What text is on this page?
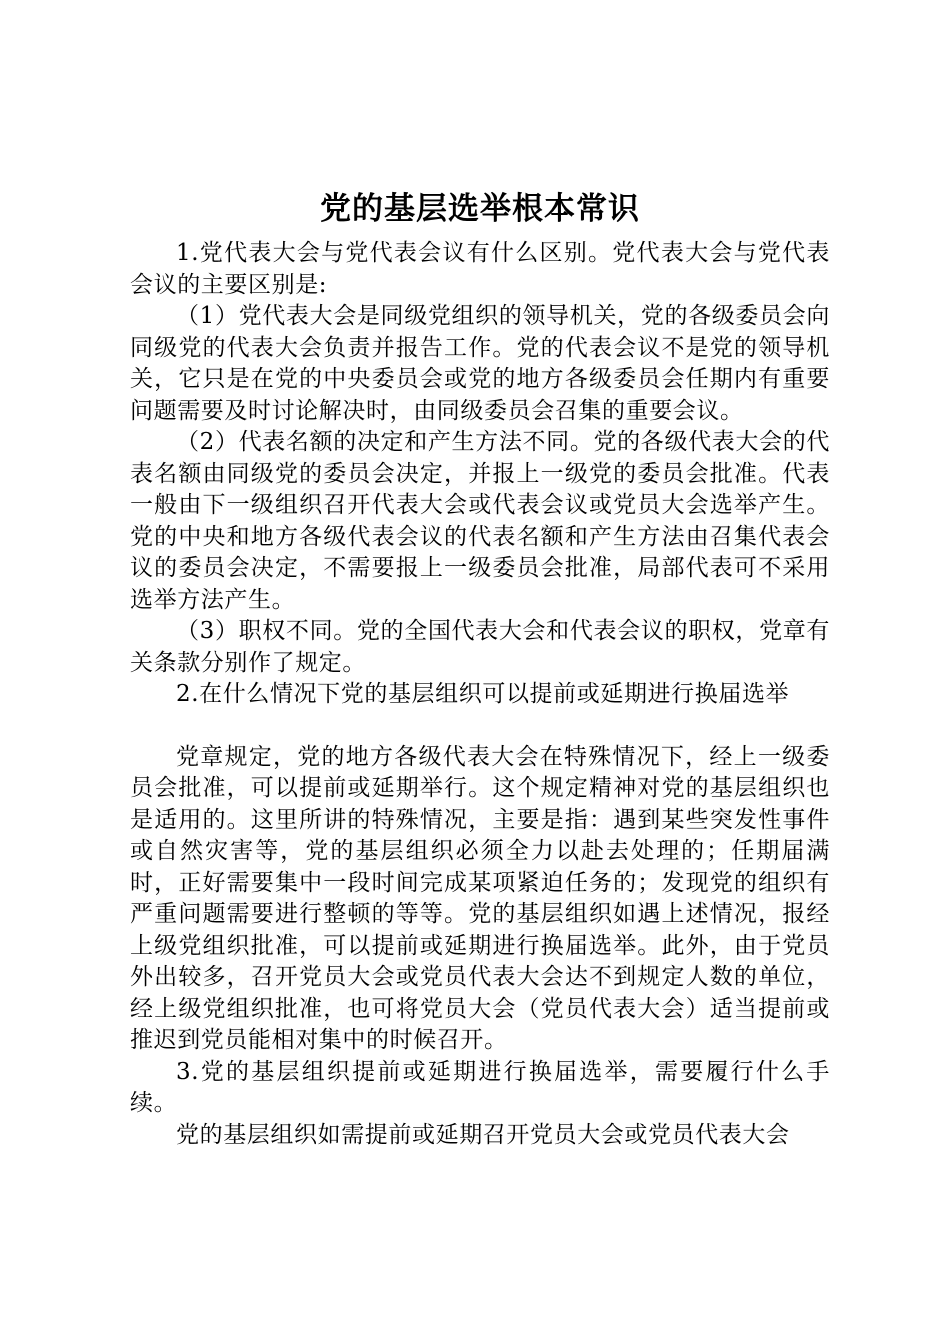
党的基层选举根本常识

1.党代表大会与党代表会议有什么区别。党代表大会与党代表会议的主要区别是:

（1）党代表大会是同级党组织的领导机关，党的各级委员会向同级党的代表大会负责并报告工作。党的代表会议不是党的领导机关，它只是在党的中央委员会或党的地方各级委员会任期内有重要问题需要及时讨论解决时，由同级委员会召集的重要会议。

（2）代表名额的决定和产生方法不同。党的各级代表大会的代表名额由同级党的委员会决定，并报上一级党的委员会批准。代表一般由下一级组织召开代表大会或代表会议或党员大会选举产生。党的中央和地方各级代表会议的代表名额和产生方法由召集代表会议的委员会决定，不需要报上一级委员会批准，局部代表可不采用选举方法产生。

（3）职权不同。党的全国代表大会和代表会议的职权，党章有关条款分别作了规定。

2.在什么情况下党的基层组织可以提前或延期进行换届选举

党章规定，党的地方各级代表大会在特殊情况下，经上一级委员会批准，可以提前或延期举行。这个规定精神对党的基层组织也是适用的。这里所讲的特殊情况，主要是指：遇到某些突发性事件或自然灾害等，党的基层组织必须全力以赴去处理的；任期届满时，正好需要集中一段时间完成某项紧迫任务的；发现党的组织有严重问题需要进行整顿的等等。党的基层组织如遇上述情况，报经上级党组织批准，可以提前或延期进行换届选举。此外，由于党员外出较多，召开党员大会或党员代表大会达不到规定人数的单位，经上级党组织批准，也可将党员大会（党员代表大会）适当提前或推迟到党员能相对集中的时候召开。

3.党的基层组织提前或延期进行换届选举，需要履行什么手续。

党的基层组织如需提前或延期召开党员大会或党员代表大会
